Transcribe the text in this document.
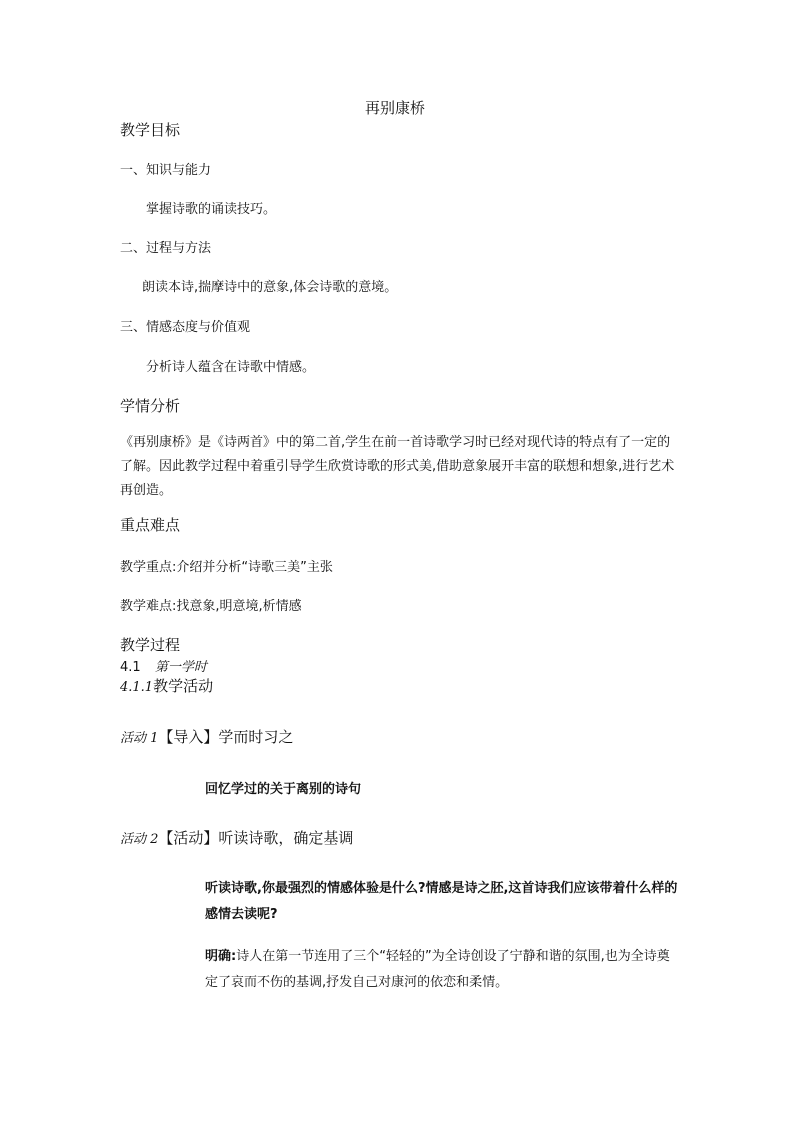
再别康桥
教学目标
一、知识与能力
掌握诗歌的诵读技巧。
二、过程与方法
朗读本诗,揣摩诗中的意象,体会诗歌的意境。
三、情感态度与价值观
分析诗人蕴含在诗歌中情感。
学情分析
《再别康桥》是《诗两首》中的第二首,学生在前一首诗歌学习时已经对现代诗的特点有了一定的了解。因此教学过程中着重引导学生欣赏诗歌的形式美,借助意象展开丰富的联想和想象,进行艺术再创造。
重点难点
教学重点:介绍并分析“诗歌三美”主张
教学难点:找意象,明意境,析情感
教学过程
4.1 第一学时
4.1.1教学活动
活动 1【导入】学而时习之
回忆学过的关于离别的诗句
活动 2【活动】听读诗歌，确定基调
听读诗歌,你最强烈的情感体验是什么?情感是诗之胚,这首诗我们应该带着什么样的感情去读呢?
明确:诗人在第一节连用了三个“轻轻的”为全诗创设了宁静和谐的氛围,也为全诗奠定了哀而不伤的基调,抒发自己对康河的依恋和柔情。
